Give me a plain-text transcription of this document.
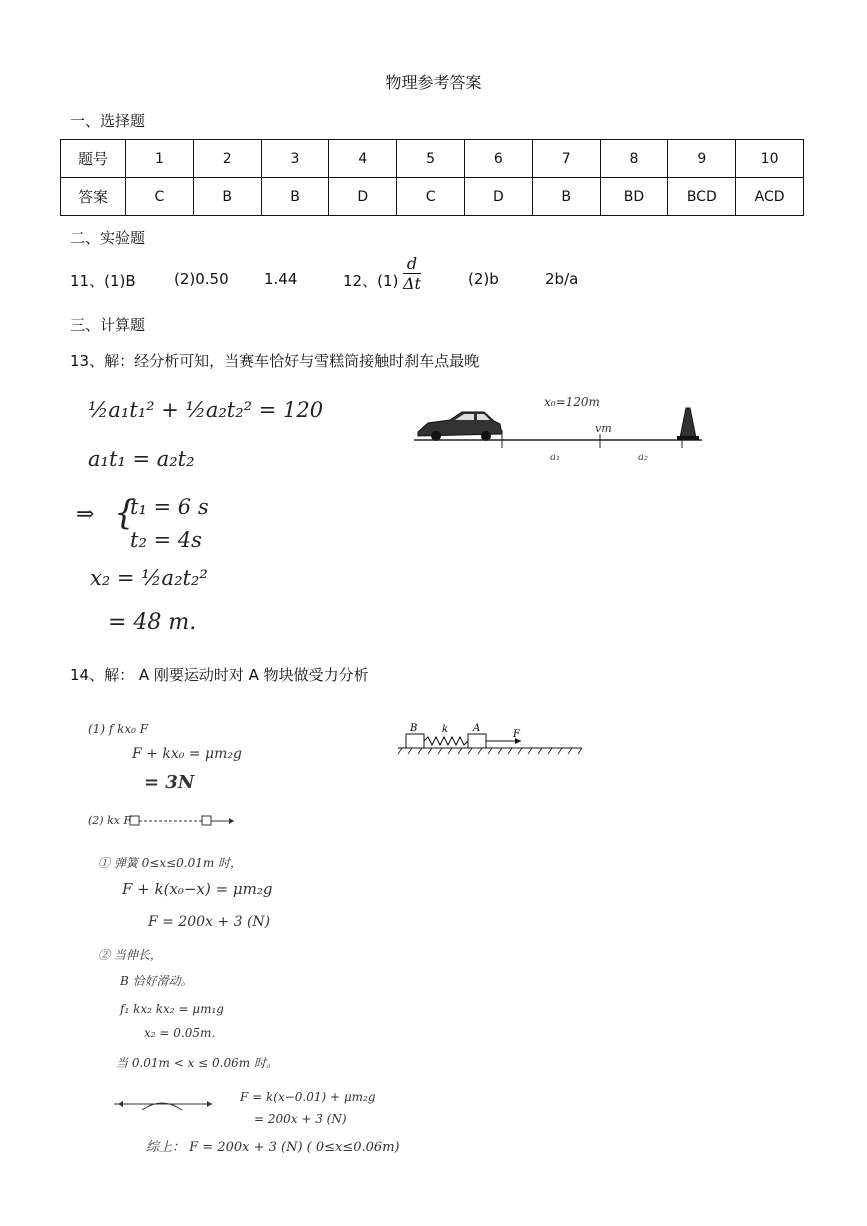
物理参考答案
一、选择题
题号	1	2	3	4	5	6	7	8	9	10
答案	C	B	B	D	C	D	B	BD	BCD	ACD
二、实验题
11、(1)B	(2)0.50 1.44	12、$(1) \frac{d}{\Delta t}$	(2)b	2b/a
三、计算题
13、解：经分析可知，当赛车恰好与雪糕筒接触时刹车点最晚
½a₁t₁² + ½a₂t₂² = 120
a₁t₁ = a₂t₂
⇒ {
t₁ = 6 s
t₂ = 4s
x₂ = ½a₂t₂²
= 48 m.
x₀=120m
vm
a₁	a₂
14、解： A 刚要运动时对 A 物块做受力分析
B k A
F
(1) f kx₀ F
F + kx₀ = μm₂g
= 3N
(2) kx F
① 弹簧 0≤x≤0.01m 时，
F + k(x₀−x) = μm₂g
F = 200x + 3 (N)
② 当伸长，
B 恰好滑动。
f₁ kx₂ kx₂ = μm₁g
x₂ = 0.05m.
当 0.01m < x ≤ 0.06m 时。
F = k(x−0.01) + μm₂g
= 200x + 3 (N)
综上： F = 200x + 3 (N) ( 0≤x≤0.06m)
